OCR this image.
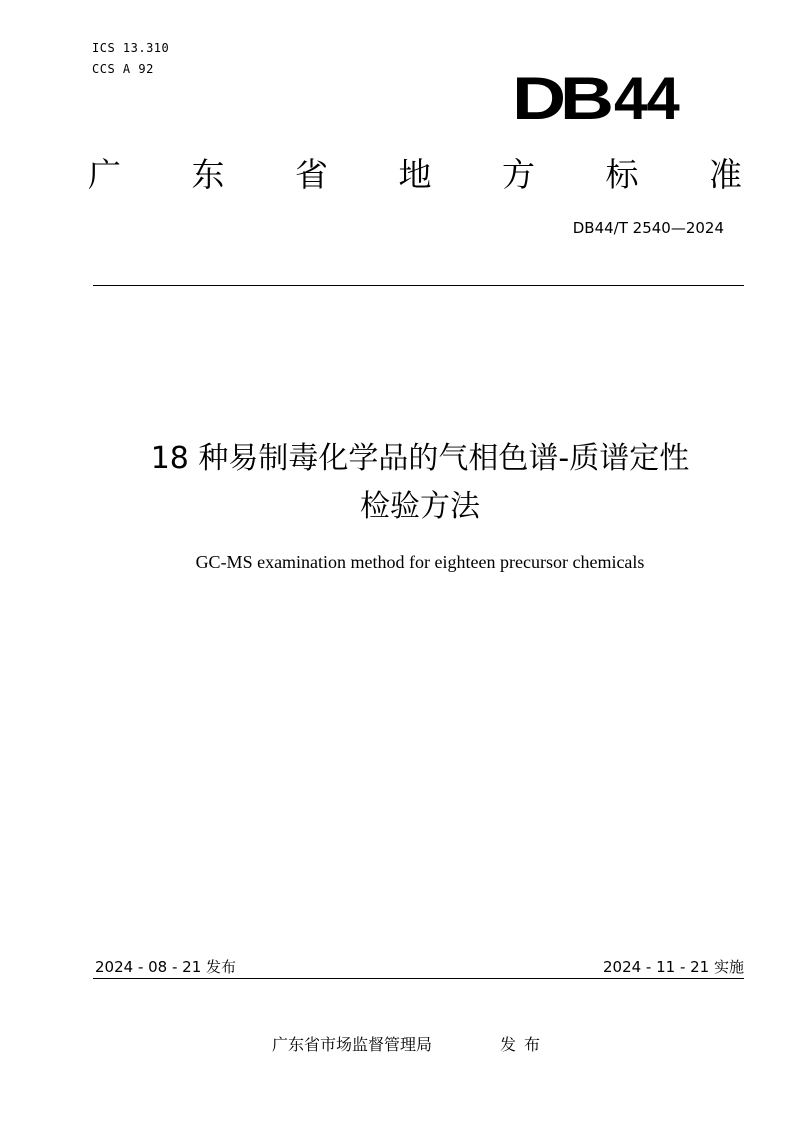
ICS 13.310
CCS A 92	DB 44
广 东 省 地 方 标 准
DB44/T 2540—2024
18 种易制毒化学品的气相色谱-质谱定性
检验方法
GC-MS examination method for eighteen precursor chemicals
2024 - 08 - 21 发布	2024 - 11 - 21 实施
广东省市场监督管理局	发布
